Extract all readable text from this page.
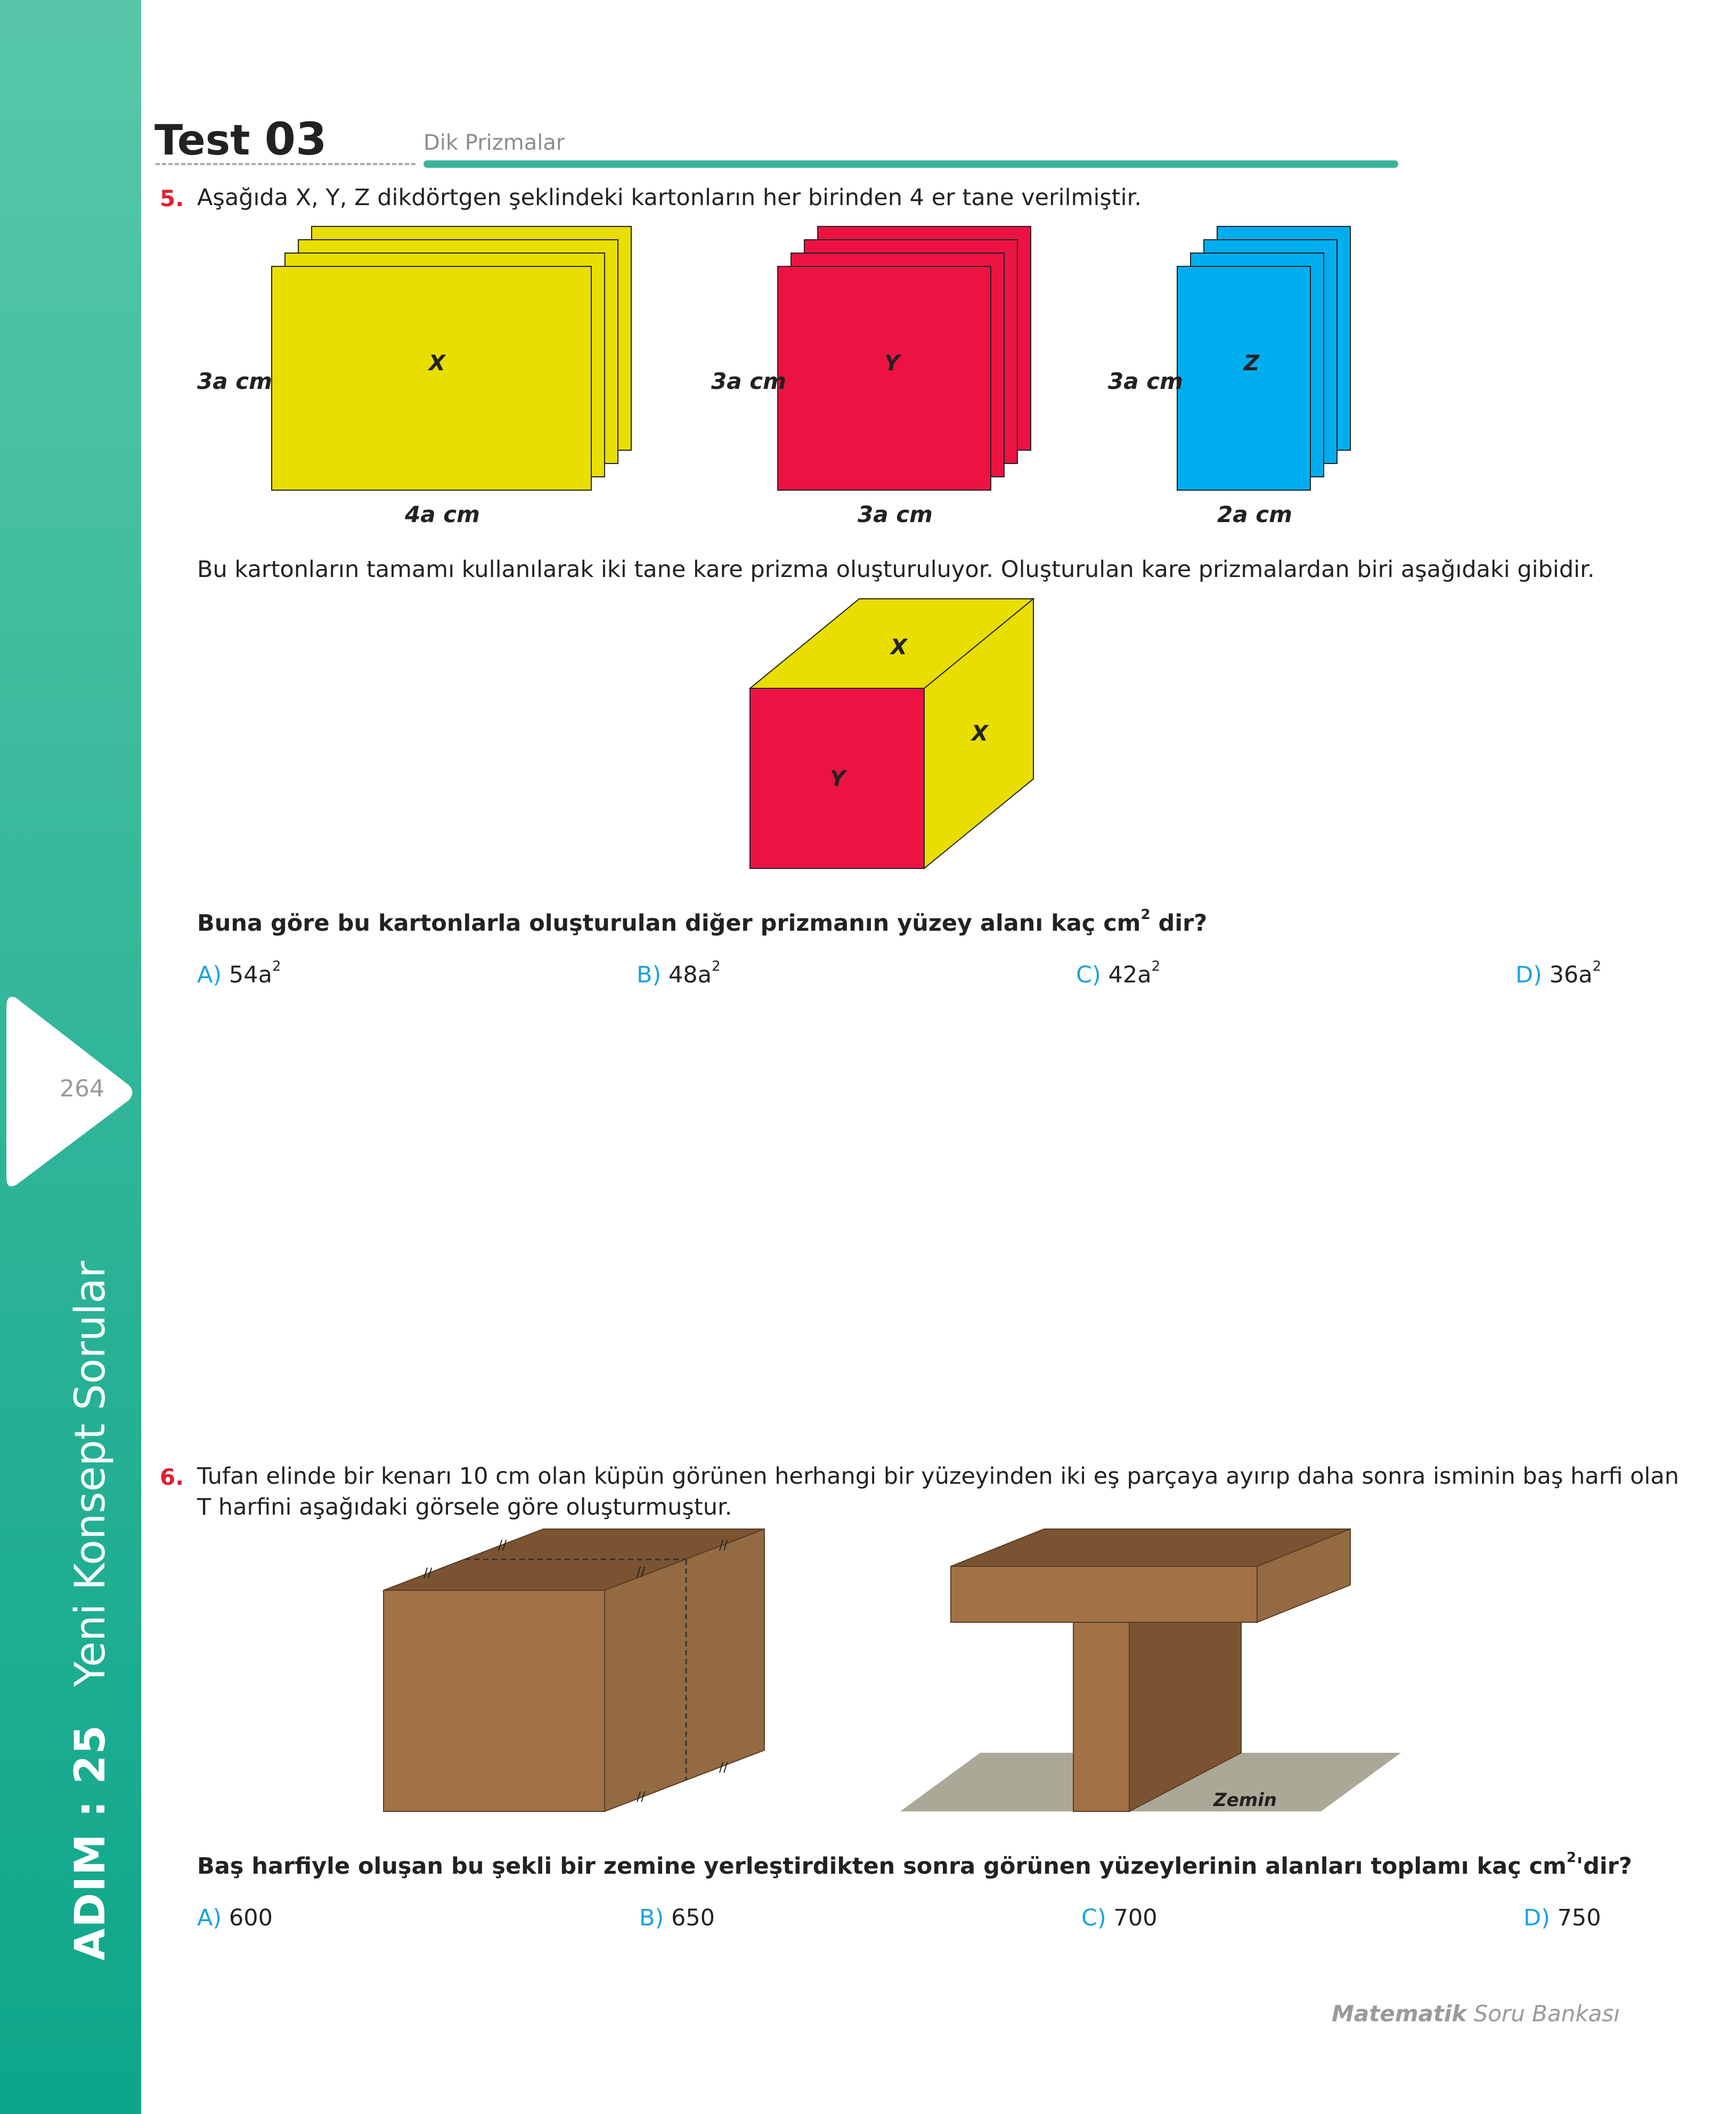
264
ADIM : 25Yeni Konsept Sorular
Test 03	Dik Prizmalar
5. Aşağıda X, Y, Z dikdörtgen şeklindeki kartonların her birinden 4 er tane verilmiştir.
X
3a cm
4a cm
Y
3a cm
3a cm
Z
3a cm
2a cm
Bu kartonların tamamı kullanılarak iki tane kare prizma oluşturuluyor. Oluşturulan kare prizmalardan biri aşağıdaki gibidir.
X
X
Y
Buna göre bu kartonlarla oluşturulan diğer prizmanın yüzey alanı kaç $cm^2$ dir?
A) $54a^2$	B) $48a^2$	C) $42a^2$	D) $36a^2$
6. Tufan elinde bir kenarı 10 cm olan küpün görünen herhangi bir yüzeyinden iki eş parçaya ayırıp daha sonra isminin baş harfi olan
T harfini aşağıdaki görsele göre oluşturmuştur.
//
//
//
//
//
//
Zemin
Baş harfiyle oluşan bu şekli bir zemine yerleştirdikten sonra görünen yüzeylerinin alanları toplamı kaç $cm^2'dir$?
A) 600	B) 650	C) 700	D) 750
Matematik Soru Bankası
